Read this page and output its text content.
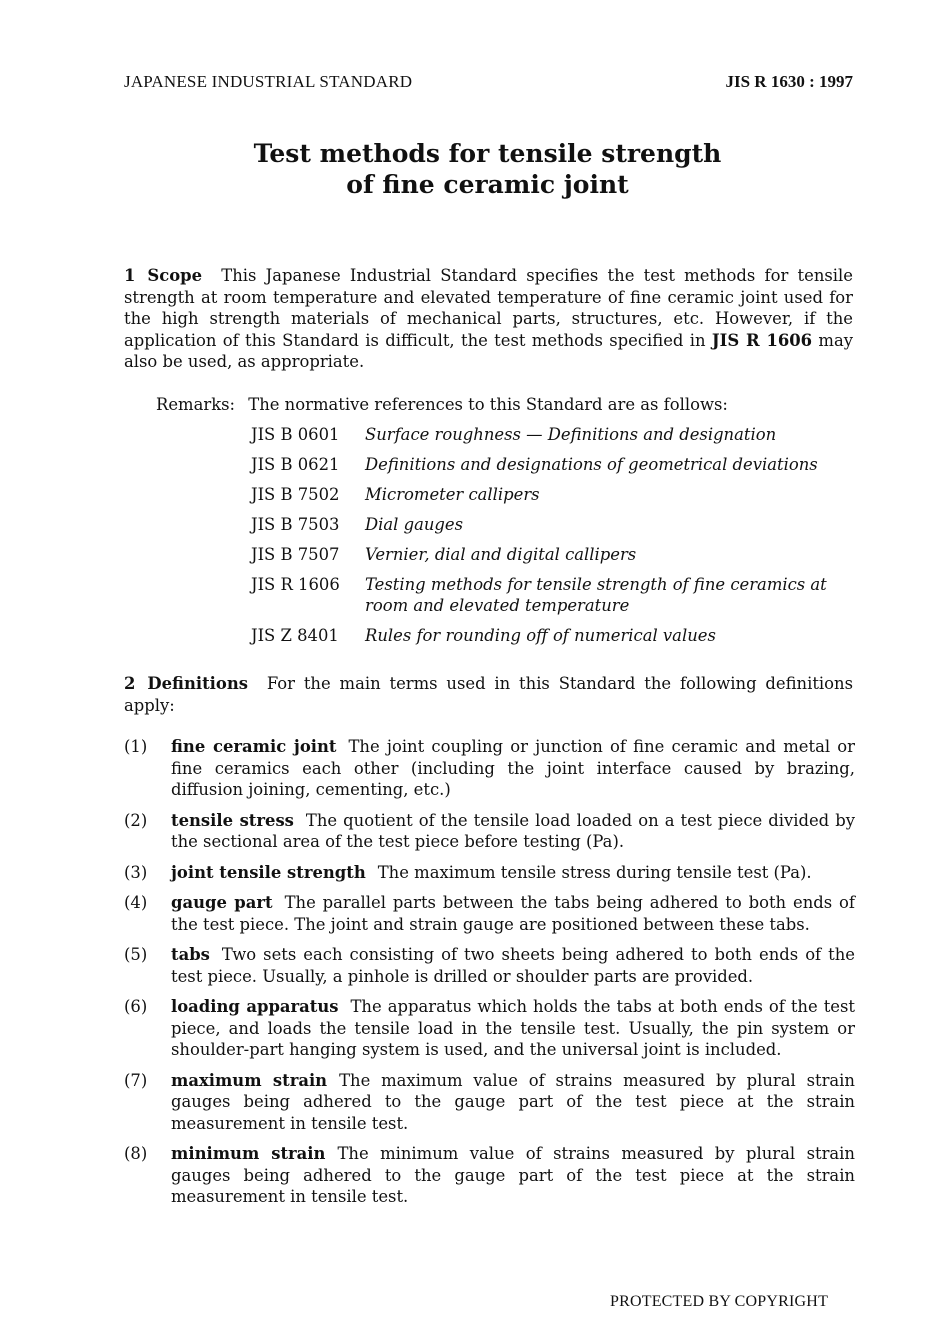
JAPANESE INDUSTRIAL STANDARD	JIS R 1630 : 1997
Test methods for tensile strength
of fine ceramic joint
1 Scope This Japanese Industrial Standard specifies the test methods for tensile strength at room temperature and elevated temperature of fine ceramic joint used for the high strength materials of mechanical parts, structures, etc. However, if the application of this Standard is difficult, the test methods specified in JIS R 1606 may also be used, as appropriate.
Remarks: The normative references to this Standard are as follows:
JIS B 0601	Surface roughness — Definitions and designation
JIS B 0621	Definitions and designations of geometrical deviations
JIS B 7502	Micrometer callipers
JIS B 7503	Dial gauges
JIS B 7507	Vernier, dial and digital callipers
JIS R 1606	Testing methods for tensile strength of fine ceramics at room and elevated temperature
JIS Z 8401	Rules for rounding off of numerical values
2 Definitions For the main terms used in this Standard the following definitions apply:
(1)	fine ceramic joint The joint coupling or junction of fine ceramic and metal or fine ceramics each other (including the joint interface caused by brazing, diffusion joining, cementing, etc.)
(2)	tensile stress The quotient of the tensile load loaded on a test piece divided by the sectional area of the test piece before testing (Pa).
(3)	joint tensile strength The maximum tensile stress during tensile test (Pa).
(4)	gauge part The parallel parts between the tabs being adhered to both ends of the test piece. The joint and strain gauge are positioned between these tabs.
(5)	tabs Two sets each consisting of two sheets being adhered to both ends of the test piece. Usually, a pinhole is drilled or shoulder parts are provided.
(6)	loading apparatus The apparatus which holds the tabs at both ends of the test piece, and loads the tensile load in the tensile test. Usually, the pin system or shoulder-part hanging system is used, and the universal joint is included.
(7)	maximum strain The maximum value of strains measured by plural strain gauges being adhered to the gauge part of the test piece at the strain measurement in tensile test.
(8)	minimum strain The minimum value of strains measured by plural strain gauges being adhered to the gauge part of the test piece at the strain measurement in tensile test.
PROTECTED BY COPYRIGHT
